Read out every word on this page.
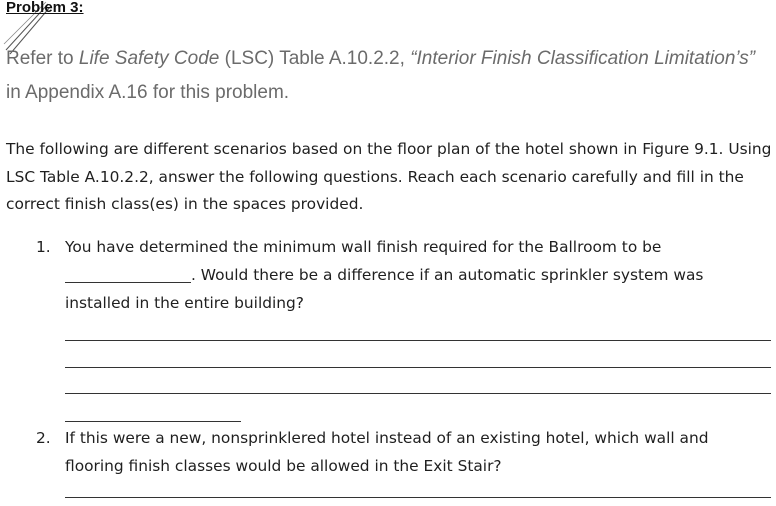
Problem 3:
Refer to Life Safety Code (LSC) Table A.10.2.2, “Interior Finish Classification Limitation’s” in Appendix A.16 for this problem.
The following are different scenarios based on the floor plan of the hotel shown in Figure 9.1. Using LSC Table A.10.2.2, answer the following questions. Reach each scenario carefully and fill in the correct finish class(es) in the spaces provided.
1. You have determined the minimum wall finish required for the Ballroom to be . Would there be a difference if an automatic sprinkler system was installed in the entire building?
2. If this were a new, nonsprinklered hotel instead of an existing hotel, which wall and flooring finish classes would be allowed in the Exit Stair?
